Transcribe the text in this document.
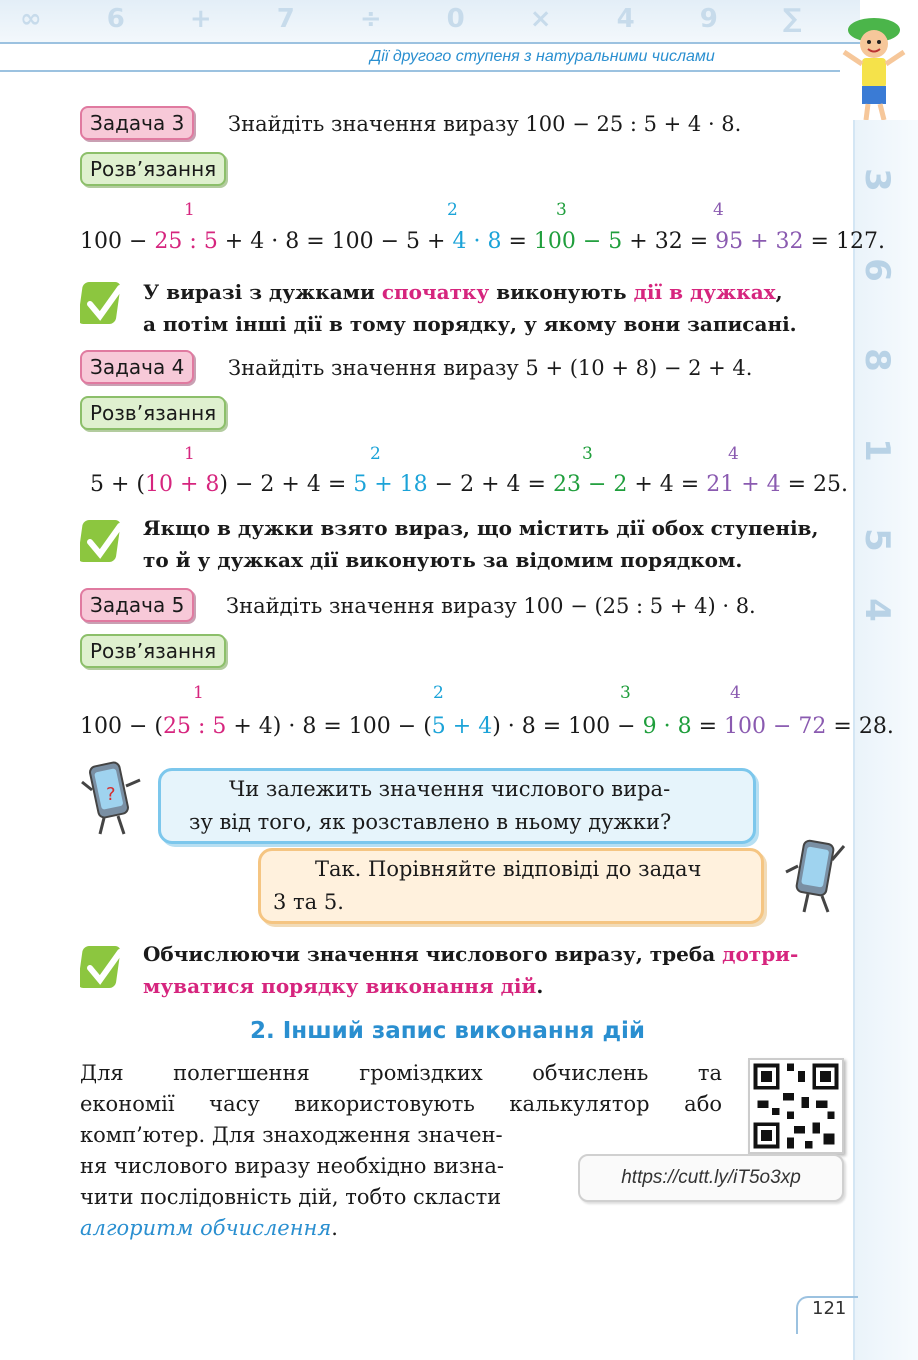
∞ 6 + 7 ÷ 0 × 4 9 ∑
Дії другого ступеня з натуральними числами
3
6
8
1
5
4
Задача 3	Знайдіть значення виразу 100 − 25 : 5 + 4 · 8.
Розв’язання
1	2	3	4
100 − 25 : 5 + 4 · 8 = 100 − 5 + 4 · 8 = 100 − 5 + 32 = 95 + 32 = 127.
У виразі з дужками спочатку виконують дії в дужках,
а потім інші дії в тому порядку, у якому вони записані.
Задача 4	Знайдіть значення виразу 5 + (10 + 8) − 2 + 4.
Розв’язання
1	2	3	4
5 + (10 + 8) − 2 + 4 = 5 + 18 − 2 + 4 = 23 − 2 + 4 = 21 + 4 = 25.
Якщо в дужки взято вираз, що містить дії обох ступенів,
то й у дужках дії виконують за відомим порядком.
Задача 5	Знайдіть значення виразу 100 − (25 : 5 + 4) · 8.
Розв’язання
1	2	3	4
100 − (25 : 5 + 4) · 8 = 100 − (5 + 4) · 8 = 100 − 9 · 8 = 100 − 72 = 28.
?	Чи залежить значення числового вира-
зу від того, як розставлено в ньому дужки?
Так. Порівняйте відповіді до задач
3 та 5.
Обчислюючи значення числового виразу, треба дотри-
муватися порядку виконання дій.
2. Інший запис виконання дій
Для полегшення громіздких обчислень та
економії часу використовують калькулятор або
комп’ютер. Для знаходження значен-
ня числового виразу необхідно визна-
чити послідовність дій, тобто скласти
алгоритм обчислення.
https://cutt.ly/iT5o3xp
121
